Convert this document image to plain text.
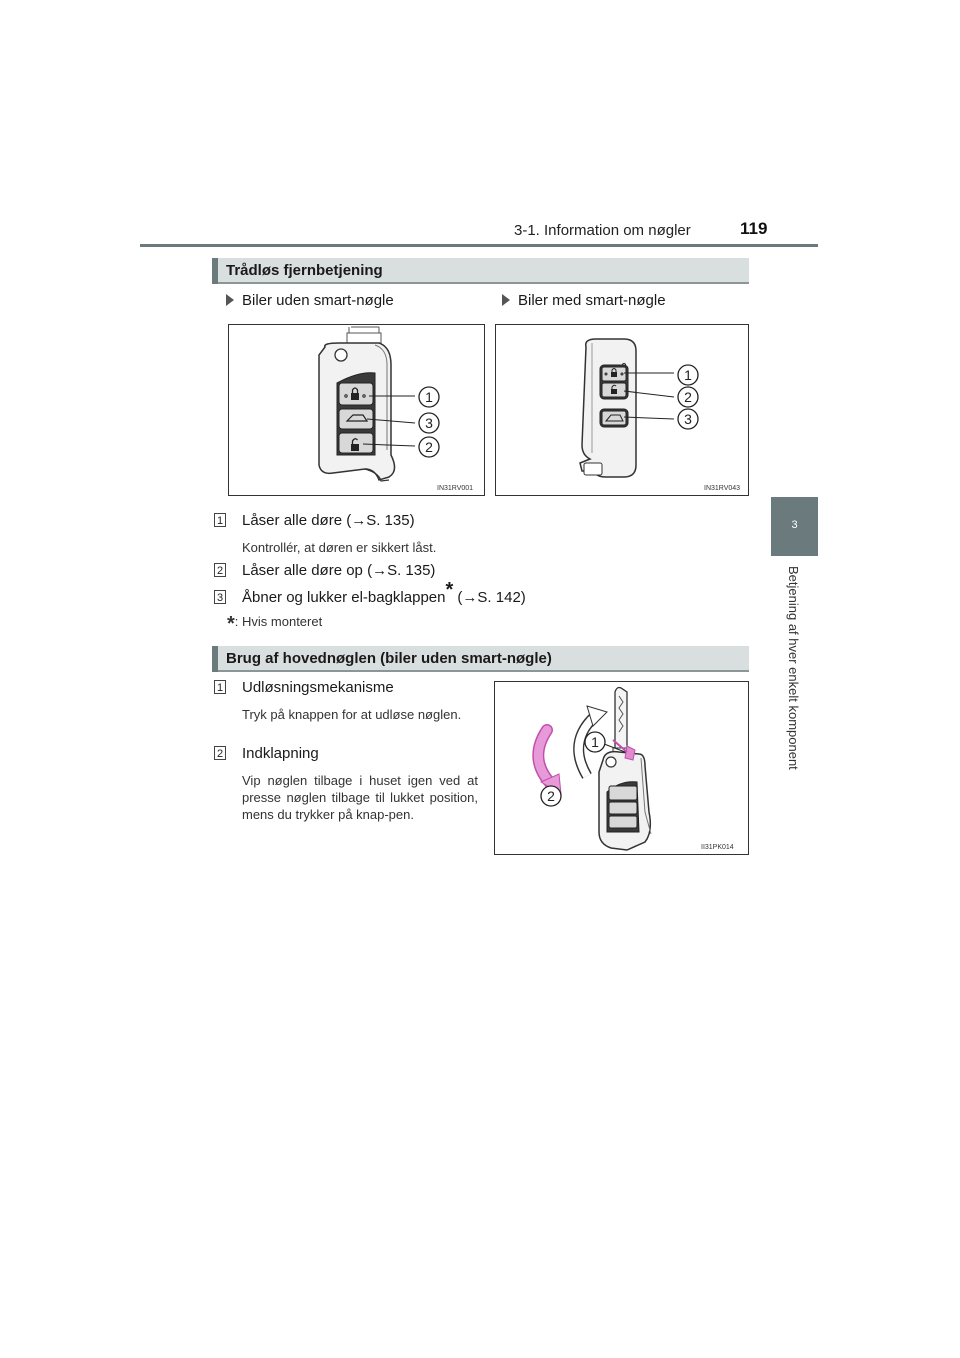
3-1. Information om nøgler	119
3
Betjening af hver enkelt komponent
Trådløs fjernbetjening
Biler uden smart-nøgle	Biler med smart-nøgle
1
3
2
IN31RV001
1
2
3
IN31RV043
1 Låser alle døre (→S. 135)
Kontrollér, at døren er sikkert låst.
2 Låser alle døre op (→S. 135)
3 Åbner og lukker el-bagklappen* (→S. 142)
*: Hvis monteret
Brug af hovednøglen (biler uden smart-nøgle)
1 Udløsningsmekanisme
Tryk på knappen for at udløse nøglen.
2 Indklapning
Vip nøglen tilbage i huset igen ved at presse nøglen tilbage til lukket position, mens du trykker på knap-pen.
1
2
II31PK014
